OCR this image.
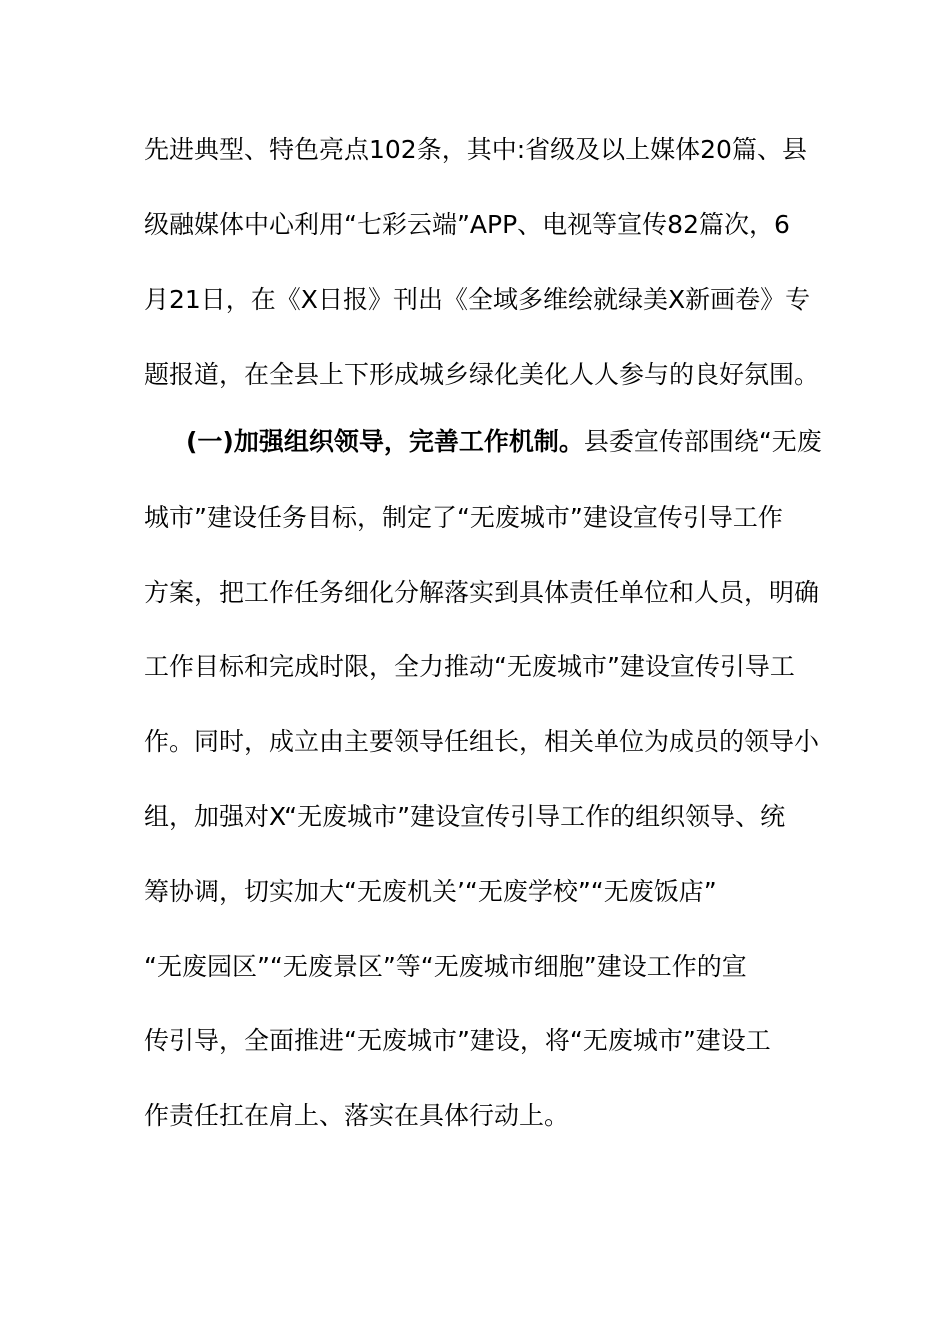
先进典型、特色亮点102条，其中:省级及以上媒体20篇、县
级融媒体中心利用“七彩云端”APP、电视等宣传82篇次，6
月21日，在《X日报》刊出《全域多维绘就绿美X新画卷》专
题报道，在全县上下形成城乡绿化美化人人参与的良好氛围。
(一)加强组织领导，完善工作机制。县委宣传部围绕“无废
城市”建设任务目标，制定了“无废城市”建设宣传引导工作
方案，把工作任务细化分解落实到具体责任单位和人员，明确
工作目标和完成时限，全力推动“无废城市”建设宣传引导工
作。同时，成立由主要领导任组长，相关单位为成员的领导小
组，加强对X“无废城市”建设宣传引导工作的组织领导、统
筹协调，切实加大“无废机关’“无废学校”“无废饭店”
“无废园区”“无废景区”等“无废城市细胞”建设工作的宣
传引导，全面推进“无废城市”建设，将“无废城市”建设工
作责任扛在肩上、落实在具体行动上。
